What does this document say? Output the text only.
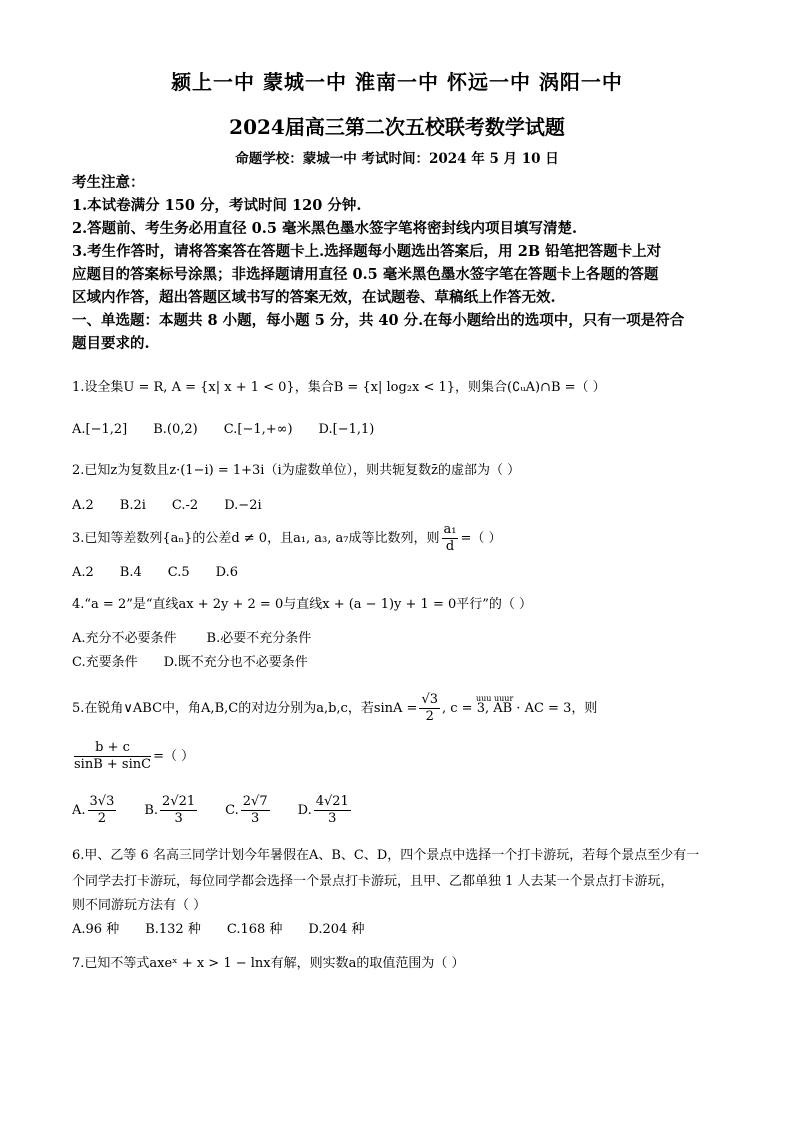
颍上一中 蒙城一中 淮南一中 怀远一中 涡阳一中
2024届高三第二次五校联考数学试题
命题学校：蒙城一中 考试时间：2024 年 5 月 10 日
考生注意：
1.本试卷满分 150 分，考试时间 120 分钟.
2.答题前、考生务必用直径 0.5 毫米黑色墨水签字笔将密封线内项目填写清楚.
3.考生作答时，请将答案答在答题卡上.选择题每小题选出答案后，用 2B 铅笔把答题卡上对
应题目的答案标号涂黑；非选择题请用直径 0.5 毫米黑色墨水签字笔在答题卡上各题的答题
区域内作答，超出答题区域书写的答案无效，在试题卷、草稿纸上作答无效.
一、单选题：本题共 8 小题，每小题 5 分，共 40 分.在每小题给出的选项中，只有一项是符合
题目要求的.
1.设全集U = R, A = {x| x + 1 < 0}，集合B = {x| log₂x < 1}，则集合(∁ᵤA)∩B =（ ）
A.[−1,2] B.(0,2) C.[−1,+∞) D.[−1,1)
2.已知z为复数且z·(1−i) = 1+3i（i为虚数单位），则共轭复数z̄的虚部为（ ）
A.2 B.2i C.-2 D.−2i
3.已知等差数列{aₙ}的公差d ≠ 0，且a₁, a₃, a₇成等比数列，则 $\frac{\text{a₁}}{d}$ =（ ）
A.2 B.4 C.5 D.6
4.“a = 2”是“直线ax + 2y + 2 = 0与直线x + (a − 1)y + 1 = 0平行”的（ ）
A.充分不必要条件 B.必要不充分条件
C.充要条件 D.既不充分也不必要条件
5.在锐角∨ABC中，角A,B,C的对边分别为a,b,c，若$\sin A = \frac{√3}{2}$	uuu uuur
, c = 3, AB · AC = 3，则
$\frac{b + c}{\sin B + \sin C}$ =（ ）
A. $\frac{3√3}{2} B$. $\frac{2√21}{3} C$. $\frac{2√7}{3} D$. $\frac{4√21}{3}$
6.甲、乙等 6 名高三同学计划今年暑假在A、B、C、D，四个景点中选择一个打卡游玩，若每个景点至少有一
个同学去打卡游玩，每位同学都会选择一个景点打卡游玩，且甲、乙都单独 1 人去某一个景点打卡游玩，
则不同游玩方法有（ ）
A.96 种 B.132 种 C.168 种 D.204 种
7.已知不等式axeˣ + x > 1 − lnx有解，则实数a的取值范围为（ ）
